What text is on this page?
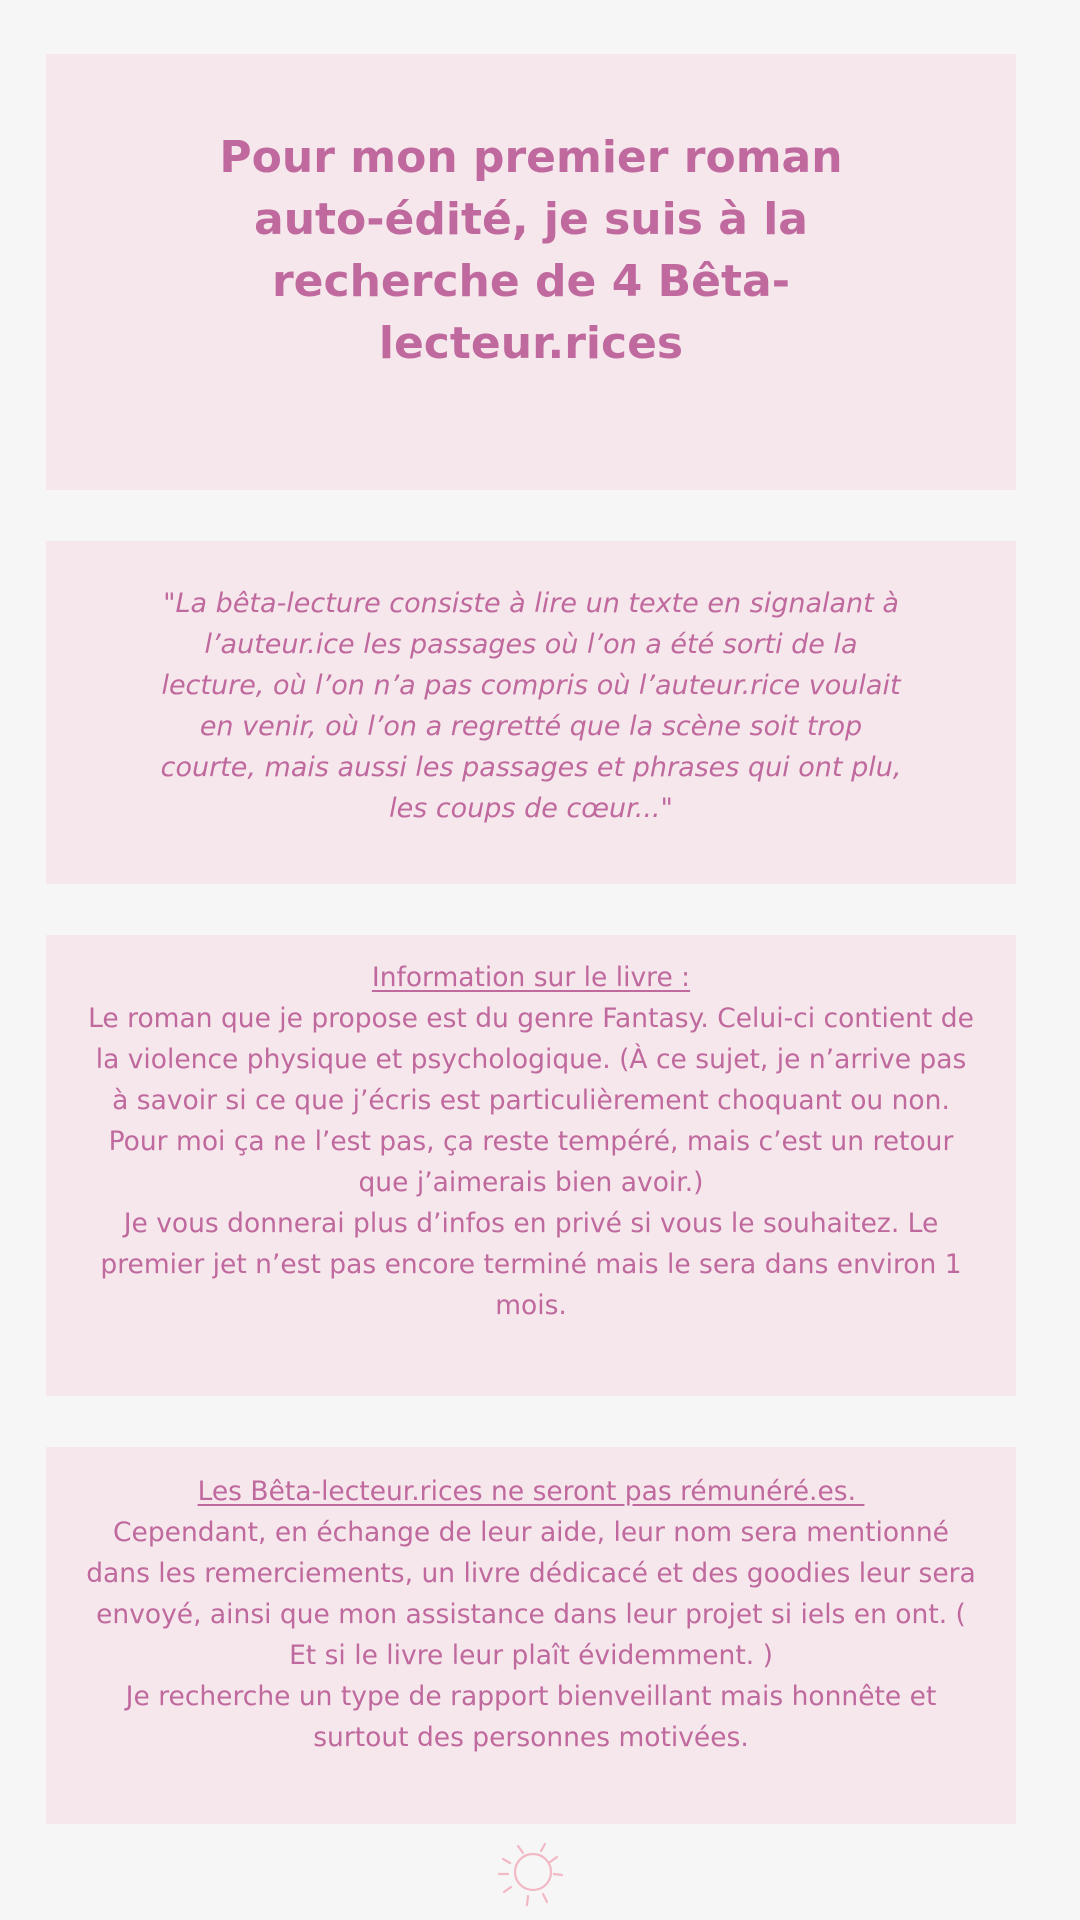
Pour mon premier roman auto-édité, je suis à la recherche de 4 Bêta-lecteur.rices

"La bêta-lecture consiste à lire un texte en signalant à l’auteur.ice les passages où l’on a été sorti de la lecture, où l’on n’a pas compris où l’auteur.rice voulait en venir, où l’on a regretté que la scène soit trop courte, mais aussi les passages et phrases qui ont plu, les coups de cœur..."

Information sur le livre :
Le roman que je propose est du genre Fantasy. Celui-ci contient de la violence physique et psychologique. (À ce sujet, je n’arrive pas à savoir si ce que j’écris est particulièrement choquant ou non. Pour moi ça ne l’est pas, ça reste tempéré, mais c’est un retour que j’aimerais bien avoir.)
Je vous donnerai plus d’infos en privé si vous le souhaitez. Le premier jet n’est pas encore terminé mais le sera dans environ 1 mois.
Les Bêta-lecteur.rices ne seront pas rémunéré.es.
Cependant, en échange de leur aide, leur nom sera mentionné dans les remerciements, un livre dédicacé et des goodies leur sera envoyé, ainsi que mon assistance dans leur projet si iels en ont. ( Et si le livre leur plaît évidemment. )
Je recherche un type de rapport bienveillant mais honnête et surtout des personnes motivées.
